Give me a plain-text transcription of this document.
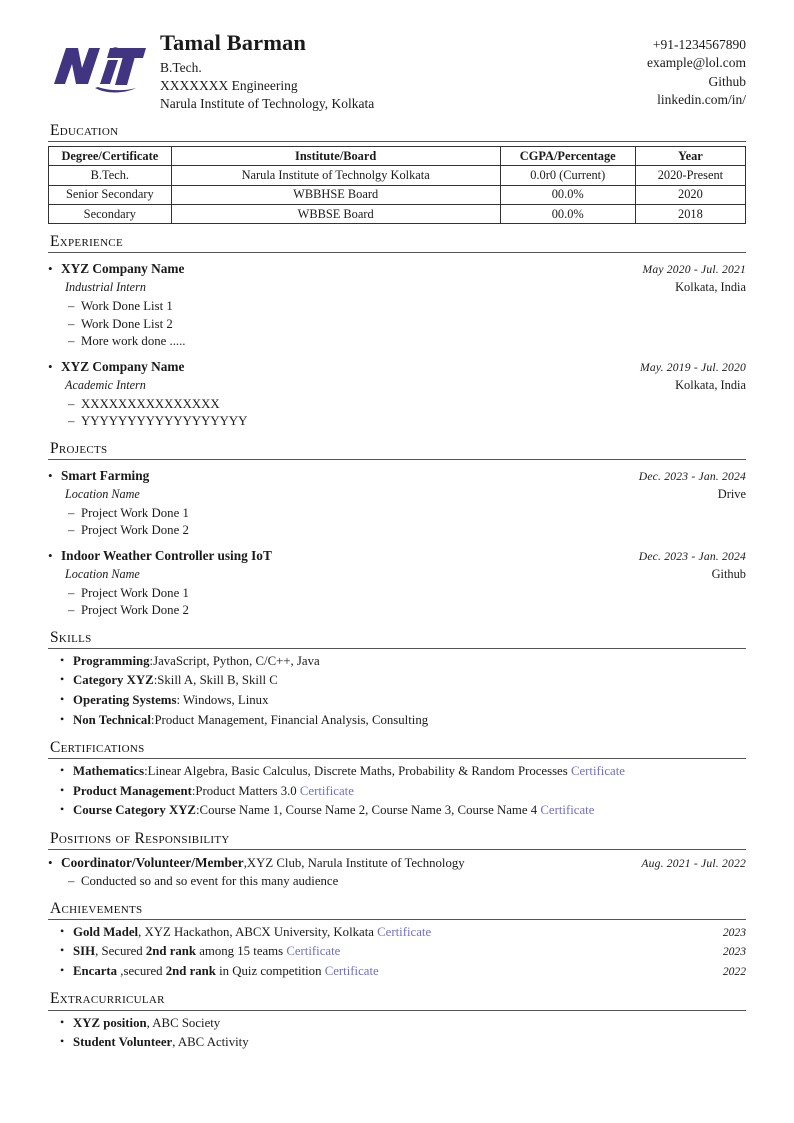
Tamal Barman
B.Tech.
XXXXXXX Engineering
Narula Institute of Technology, Kolkata
+91-1234567890
example@lol.com
Github
linkedin.com/in/
Education
Degree/Certificate	Institute/Board	CGPA/Percentage	Year
B.Tech.	Narula Institute of Technolgy Kolkata	0.0r0 (Current)	2020-Present
Senior Secondary	WBBHSE Board	00.0%	2020
Secondary	WBBSE Board	00.0%	2018
Experience
• XYZ Company Name	May 2020 - Jul. 2021
Industrial Intern	Kolkata, India
– Work Done List 1
– Work Done List 2
– More work done .....
• XYZ Company Name	May. 2019 - Jul. 2020
Academic Intern	Kolkata, India
– XXXXXXXXXXXXXXX
– YYYYYYYYYYYYYYYYYY
Projects
• Smart Farming	Dec. 2023 - Jan. 2024
Location Name	Drive
– Project Work Done 1
– Project Work Done 2
• Indoor Weather Controller using IoT	Dec. 2023 - Jan. 2024
Location Name	Github
– Project Work Done 1
– Project Work Done 2
Skills
• Programming:JavaScript, Python, C/C++, Java
• Category XYZ:Skill A, Skill B, Skill C
• Operating Systems: Windows, Linux
• Non Technical:Product Management, Financial Analysis, Consulting
Certifications
• Mathematics:Linear Algebra, Basic Calculus, Discrete Maths, Probability & Random Processes Certificate
• Product Management:Product Matters 3.0 Certificate
• Course Category XYZ:Course Name 1, Course Name 2, Course Name 3, Course Name 4 Certificate
Positions of Responsibility
• Coordinator/Volunteer/Member,XYZ Club, Narula Institute of Technology	Aug. 2021 - Jul. 2022
– Conducted so and so event for this many audience
Achievements
• Gold Madel, XYZ Hackathon, ABCX University, Kolkata Certificate	2023
• SIH, Secured 2nd rank among 15 teams Certificate	2023
• Encarta ,secured 2nd rank in Quiz competition Certificate	2022
Extracurricular
• XYZ position, ABC Society
• Student Volunteer, ABC Activity
